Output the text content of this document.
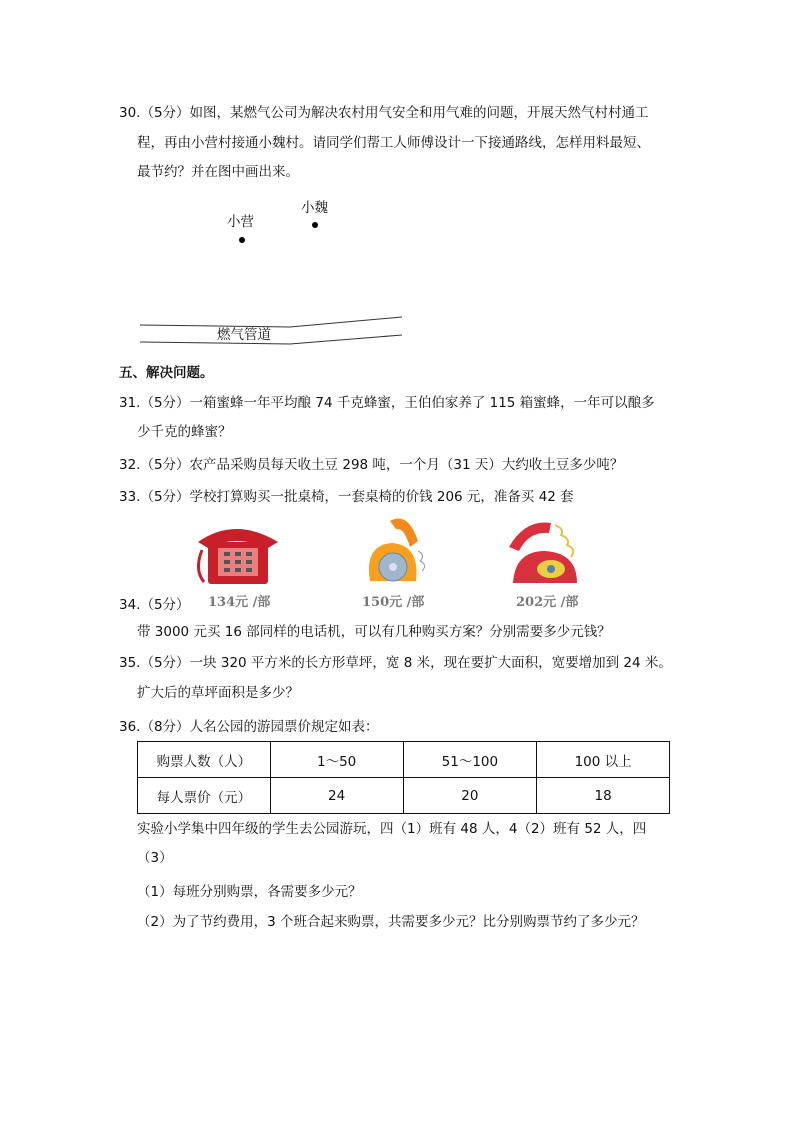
30.（5分）如图，某燃气公司为解决农村用气安全和用气难的问题，开展天然气村村通工
程，再由小营村接通小魏村。请同学们帮工人师傅设计一下接通路线，怎样用料最短、
最节约？并在图中画出来。
小营
小魏
燃气管道
五、解决问题。
31.（5分）一箱蜜蜂一年平均酿 74 千克蜂蜜，王伯伯家养了 115 箱蜜蜂，一年可以酿多
少千克的蜂蜜？
32.（5分）农产品采购员每天收土豆 298 吨，一个月（31 天）大约收土豆多少吨？
33.（5分）学校打算购买一批桌椅，一套桌椅的价钱 206 元，准备买 42 套
34.（5分） 134元 /部	150元 /部	202元 /部
带 3000 元买 16 部同样的电话机，可以有几种购买方案？分别需要多少元钱？
35.（5分）一块 320 平方米的长方形草坪，宽 8 米，现在要扩大面积，宽要增加到 24 米。
扩大后的草坪面积是多少？
36.（8分）人名公园的游园票价规定如表：
购票人数（人）	1～50	51～100	100 以上
每人票价（元）	24	20	18
实验小学集中四年级的学生去公园游玩，四（1）班有 48 人，4（2）班有 52 人，四
（3）
（1）每班分别购票，各需要多少元？
（2）为了节约费用，3 个班合起来购票，共需要多少元？比分别购票节约了多少元？
